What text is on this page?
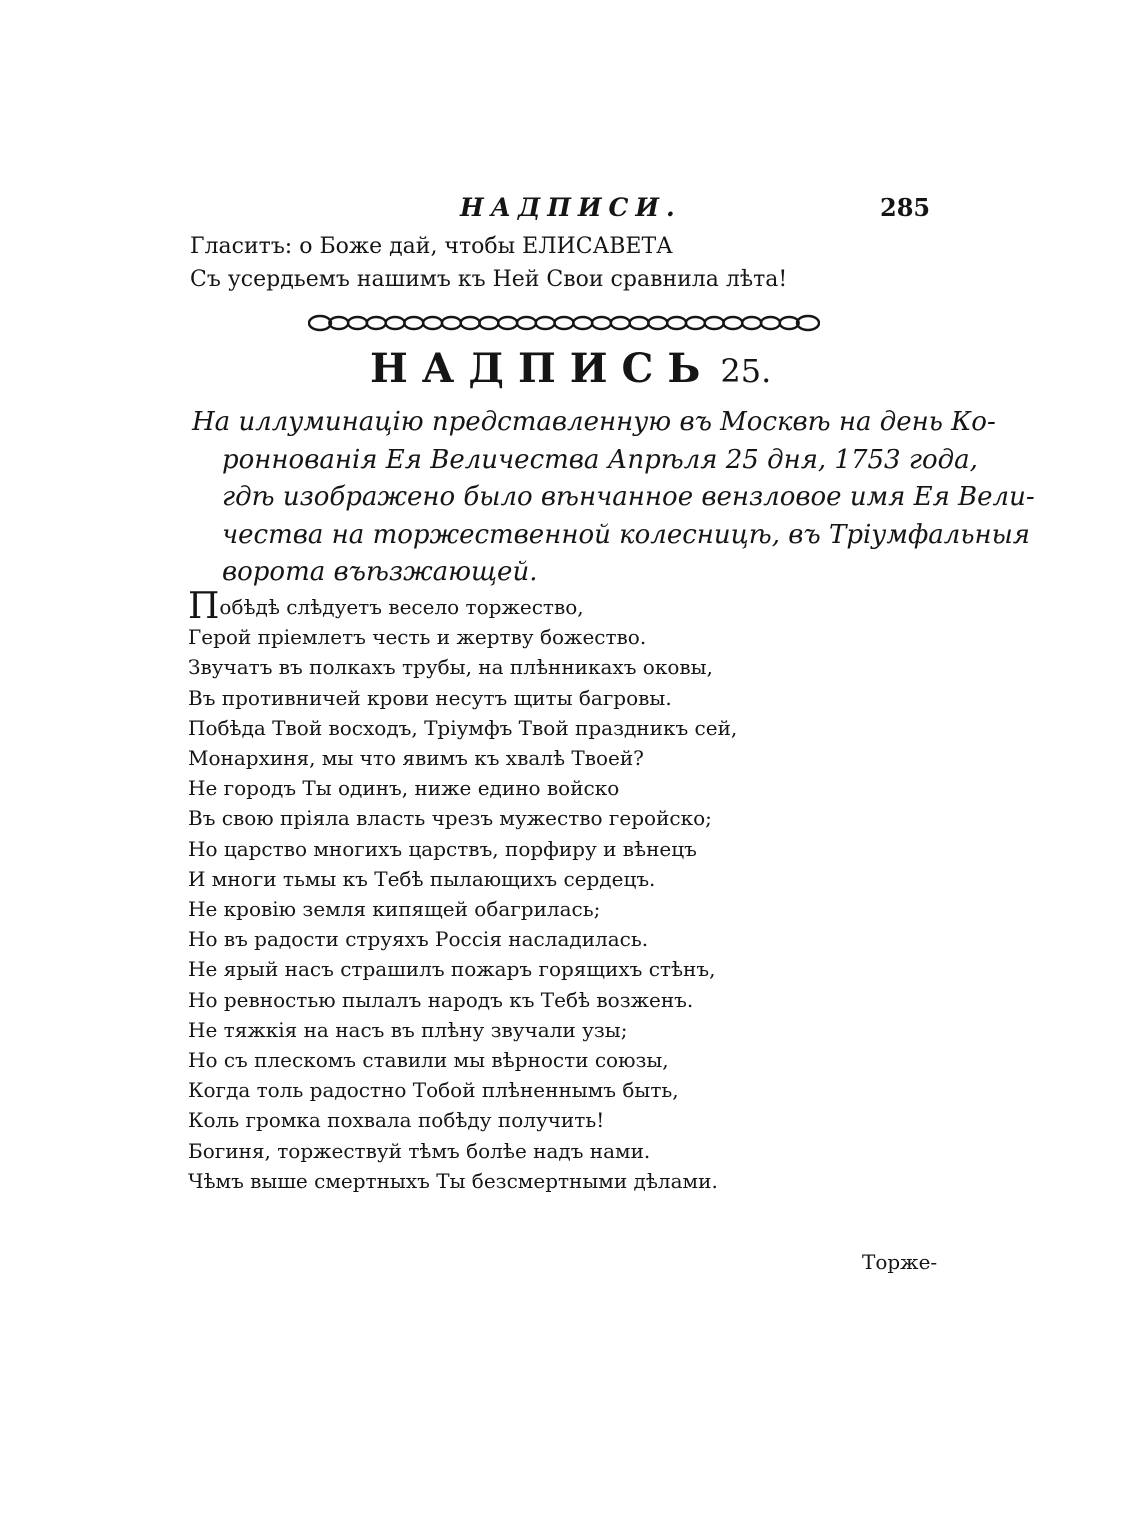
НАДПИСИ.	285
Гласитъ: о Боже дай, чтобы ЕЛИСАВЕТА
Съ усердьемъ нашимъ къ Ней Свои сравнила лѣта!
НАДПИСЬ 25.
На иллуминацію представленную въ Москвѣ на день Ко-
роннованія Ея Величества Апрѣля 25 дня, 1753 года,
гдѣ изображено было вѣнчанное вензловое имя Ея Вели-
чества на торжественной колесницѣ, въ Тріумфальныя
ворота въѣзжающей.
Побѣдѣ слѣдуетъ весело торжество,
Герой пріемлетъ честь и жертву божество.
Звучатъ въ полкахъ трубы, на плѣнникахъ оковы,
Въ противничей крови несутъ щиты багровы.
Побѣда Твой восходъ, Тріумфъ Твой праздникъ сей,
Монархиня, мы что явимъ къ хвалѣ Твоей?
Не городъ Ты одинъ, ниже едино войско
Въ свою пріяла власть чрезъ мужество геройско;
Но царство многихъ царствъ, порфиру и вѣнецъ
И многи тьмы къ Тебѣ пылающихъ сердецъ.
Не кровію земля кипящей обагрилась;
Но въ радости струяхъ Россія насладилась.
Не ярый насъ страшилъ пожаръ горящихъ стѣнъ,
Но ревностью пылалъ народъ къ Тебѣ возженъ.
Не тяжкія на насъ въ плѣну звучали узы;
Но съ плескомъ ставили мы вѣрности союзы,
Когда толь радостно Тобой плѣненнымъ быть,
Коль громка похвала побѣду получить!
Богиня, торжествуй тѣмъ болѣе надъ нами.
Чѣмъ выше смертныхъ Ты безсмертными дѣлами.
Торже-
